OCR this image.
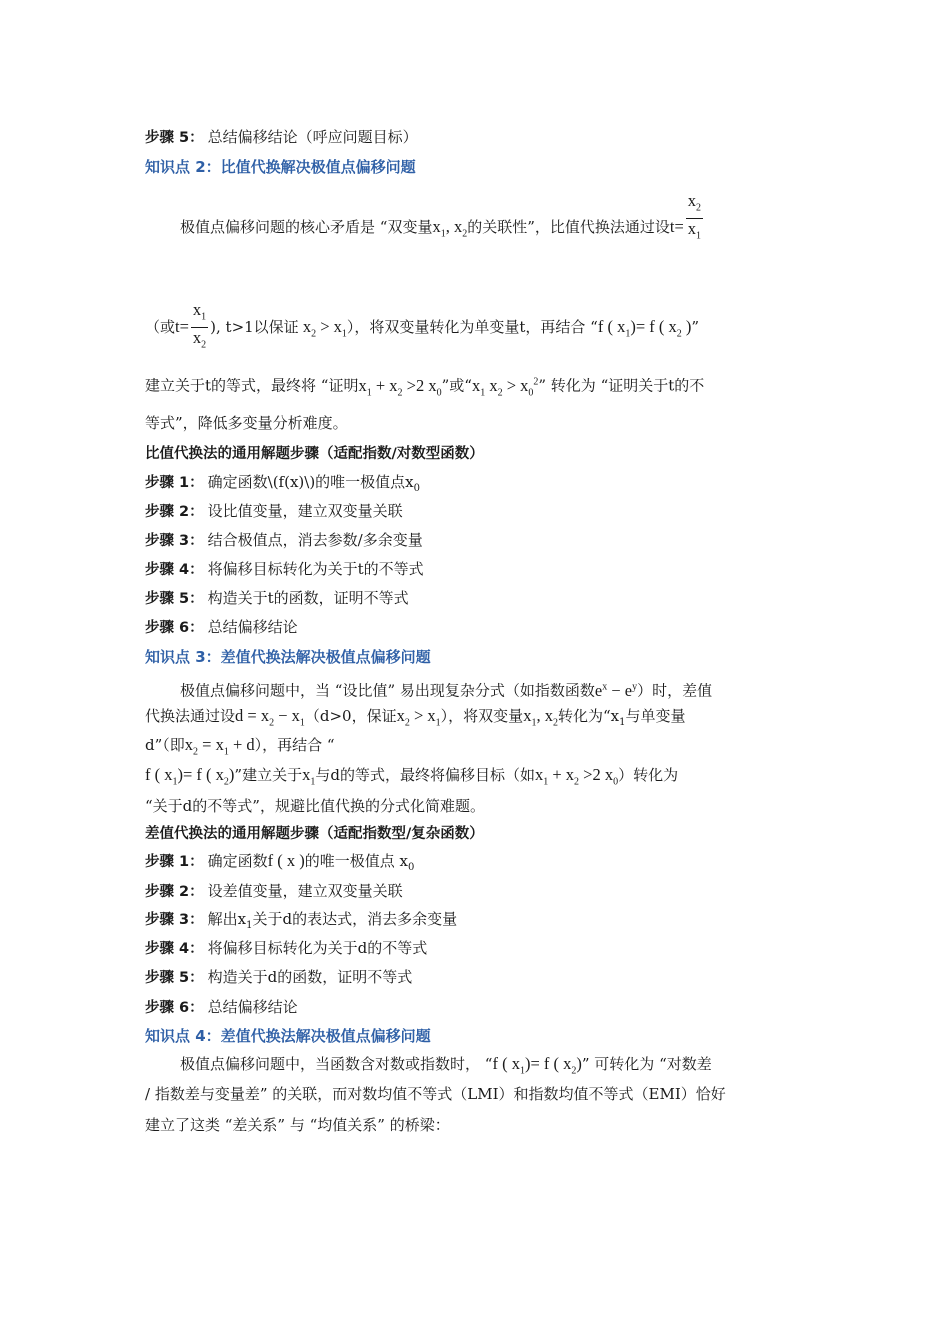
步骤 5： 总结偏移结论（呼应问题目标）
知识点 2：比值代换解决极值点偏移问题
极值点偏移问题的核心矛盾是 “双变量$x_1$, $x_2$的关联性”，比值代换法通过设$t= \frac{x_2}{x_1}$
（或$t= \frac{x_1}{x_2}$ ), t>1以保证 $x_2 > x_1$），将双变量转化为单变量t，再结合 “f ( $x_1)= f$ ( $x_2$ )”
建立关于t的等式，最终将 “证明$x_1 + x_2 >2$ $x_0$”或“$x_1$ $x_2 > x_0^2$” 转化为 “证明关于t的不
等式”，降低多变量分析难度。
比值代换法的通用解题步骤（适配指数/对数型函数）
步骤 1： 确定函数\(f(x)\)的唯一极值点$x_0$
步骤 2： 设比值变量，建立双变量关联
步骤 3： 结合极值点，消去参数/多余变量
步骤 4： 将偏移目标转化为关于t的不等式
步骤 5： 构造关于t的函数，证明不等式
步骤 6： 总结偏移结论
知识点 3：差值代换法解决极值点偏移问题
极值点偏移问题中，当 “设比值” 易出现复杂分式（如指数函数$e^x - e^y$）时，差值
代换法通过设$d = x_2 - x_1(d>0$，保证$x_2 > x_1$），将双变量$x_1$, $x_2$转化为“$x_1$与单变量
d”（即$x_2 = x_1 + d$），再结合 “
f ( $x_1)= f$ ( $x_2$)”建立关于$x_1$与d的等式，最终将偏移目标（如$x_1 + x_2 >2$ $x_0$）转化为
“关于d的不等式”，规避比值代换的分式化简难题。
差值代换法的通用解题步骤（适配指数型/复杂函数）
步骤 1： 确定函数f ( x )的唯一极值点 $x_0$
步骤 2： 设差值变量，建立双变量关联
步骤 3： 解出$x_1$关于d的表达式，消去多余变量
步骤 4： 将偏移目标转化为关于d的不等式
步骤 5： 构造关于d的函数，证明不等式
步骤 6： 总结偏移结论
知识点 4：差值代换法解决极值点偏移问题
极值点偏移问题中，当函数含对数或指数时， “f ( $x_1)= f$ ( $x_2$)” 可转化为 “对数差
/ 指数差与变量差” 的关联，而对数均值不等式（LMI）和指数均值不等式（EMI）恰好
建立了这类 “差关系” 与 “均值关系” 的桥梁：
